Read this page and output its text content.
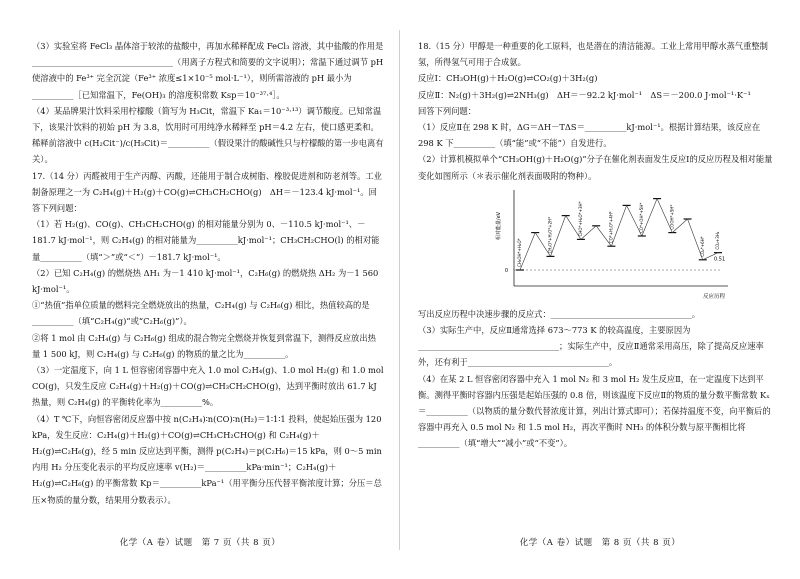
（3）实验室将 FeCl₃ 晶体溶于较浓的盐酸中，再加水稀释配成 FeCl₃ 溶液，其中盐酸的作用是__________________________________（用离子方程式和简要的文字说明）；常温下通过调节 pH 使溶液中的 Fe³⁺ 完全沉淀（Fe³⁺ 浓度≤1×10⁻⁵ mol·L⁻¹），则所需溶液的 pH 最小为__________［已知常温下，Fe(OH)₃ 的溶度积常数 Ksp＝10⁻³⁷·⁴］。

（4）某品牌果汁饮料采用柠檬酸（简写为 H₃Cit，常温下 Ka₁＝10⁻³·¹³）调节酸度。已知常温下，该果汁饮料的初始 pH 为 3.8，饮用时可用纯净水稀释至 pH＝4.2 左右，使口感更柔和。稀释前溶液中 c(H₂Cit⁻)/c(H₃Cit)＝__________（假设果汁的酸碱性只与柠檬酸的第一步电离有关）。

17.（14 分）丙醛被用于生产丙醇、丙酸，还能用于制合成树脂、橡胶促进剂和防老剂等。工业制备原理之一为 C₂H₄(g)＋H₂(g)＋CO(g)⇌CH₃CH₂CHO(g)　ΔH＝－123.4 kJ·mol⁻¹。回答下列问题：

（1）若 H₂(g)、CO(g)、CH₃CH₂CHO(g) 的相对能量分别为 0、－110.5 kJ·mol⁻¹、－181.7 kJ·mol⁻¹，则 C₂H₄(g) 的相对能量为__________kJ·mol⁻¹；CH₃CH₂CHO(l) 的相对能量__________（填“＞”或“＜”）－181.7 kJ·mol⁻¹。

（2）已知 C₂H₄(g) 的燃烧热 ΔH₁ 为－1 410 kJ·mol⁻¹，C₂H₆(g) 的燃烧热 ΔH₂ 为－1 560 kJ·mol⁻¹。

①“热值”指单位质量的燃料完全燃烧放出的热量，C₂H₄(g) 与 C₂H₆(g) 相比，热值较高的是__________（填“C₂H₄(g)”或“C₂H₆(g)”）。

②将 1 mol 由 C₂H₄(g) 与 C₂H₆(g) 组成的混合物完全燃烧并恢复到常温下，测得反应放出热量 1 500 kJ，则 C₂H₄(g) 与 C₂H₆(g) 的物质的量之比为__________。

（3）一定温度下，向 1 L 恒容密闭容器中充入 1.0 mol C₂H₄(g)、1.0 mol H₂(g) 和 1.0 mol CO(g)，只发生反应 C₂H₄(g)＋H₂(g)＋CO(g)⇌CH₃CH₂CHO(g)，达到平衡时放出 61.7 kJ 热量，则 C₂H₄(g) 的平衡转化率为__________%。

（4）T ℃下，向恒容密闭反应器中按 n(C₂H₄)∶n(CO)∶n(H₂)＝1∶1∶1 投料，使起始压强为 120 kPa，发生反应：C₂H₄(g)＋H₂(g)＋CO(g)⇌CH₃CH₂CHO(g) 和 C₂H₄(g)＋H₂(g)⇌C₂H₆(g)，经 5 min 反应达到平衡，测得 p(C₂H₄)＝p(C₂H₆)＝15 kPa，则 0～5 min 内用 H₂ 分压变化表示的平均反应速率 v(H₂)＝__________kPa·min⁻¹；C₂H₄(g)＋H₂(g)⇌C₂H₆(g) 的平衡常数 Kp＝__________kPa⁻¹（用平衡分压代替平衡浓度计算；分压＝总压×物质的量分数，结果用分数表示）。

化学（A 卷）试题　第 7 页（共 8 页）

18.（15 分）甲醇是一种重要的化工原料，也是潜在的清洁能源。工业上常用甲醇水蒸气重整制氢，所得氢气可用于合成氨。

反应Ⅰ：CH₃OH(g)＋H₂O(g)⇌CO₂(g)＋3H₂(g)

反应Ⅱ：N₂(g)＋3H₂(g)⇌2NH₃(g)　ΔH＝－92.2 kJ·mol⁻¹　ΔS＝－200.0 J·mol⁻¹·K⁻¹

回答下列问题：

（1）反应Ⅱ在 298 K 时，ΔG＝ΔH－TΔS＝__________kJ·mol⁻¹。根据计算结果，该反应在 298 K 下__________（填“能”或“不能”）自发进行。

（2）计算机模拟单个“CH₃OH(g)＋H₂O(g)”分子在催化剂表面发生反应Ⅰ的反应历程及相对能量变化如图所示（＊表示催化剂表面吸附的物种）。

0
相对能量/eV
反应历程
CH₃OH*+H₂O*	CH₂O*+H₂O*+2H*	CHO*+H₂O*+3H*	CO*+H₂O*+4H*	CO*+OH*+5H*	COOH*+5H*
CO₂*+6H*	CO₂+3H₂
0.51

写出反应历程中决速步骤的反应式：__________________________________。

（3）实际生产中，反应Ⅱ通常选择 673～773 K 的较高温度，主要原因为__________________________________；实际生产中，反应Ⅱ通常采用高压，除了提高反应速率外，还有利于__________________________________。

（4）在某 2 L 恒容密闭容器中充入 1 mol N₂ 和 3 mol H₂ 发生反应Ⅱ，在一定温度下达到平衡。测得平衡时容器内压强是起始压强的 0.8 倍，则该温度下反应Ⅱ的物质的量分数平衡常数 Kₓ＝__________（以物质的量分数代替浓度计算，列出计算式即可）；若保持温度不变，向平衡后的容器中再充入 0.5 mol N₂ 和 1.5 mol H₂，再次平衡时 NH₃ 的体积分数与原平衡相比将__________（填“增大”“减小”或“不变”）。

化学（A 卷）试题　第 8 页（共 8 页）
